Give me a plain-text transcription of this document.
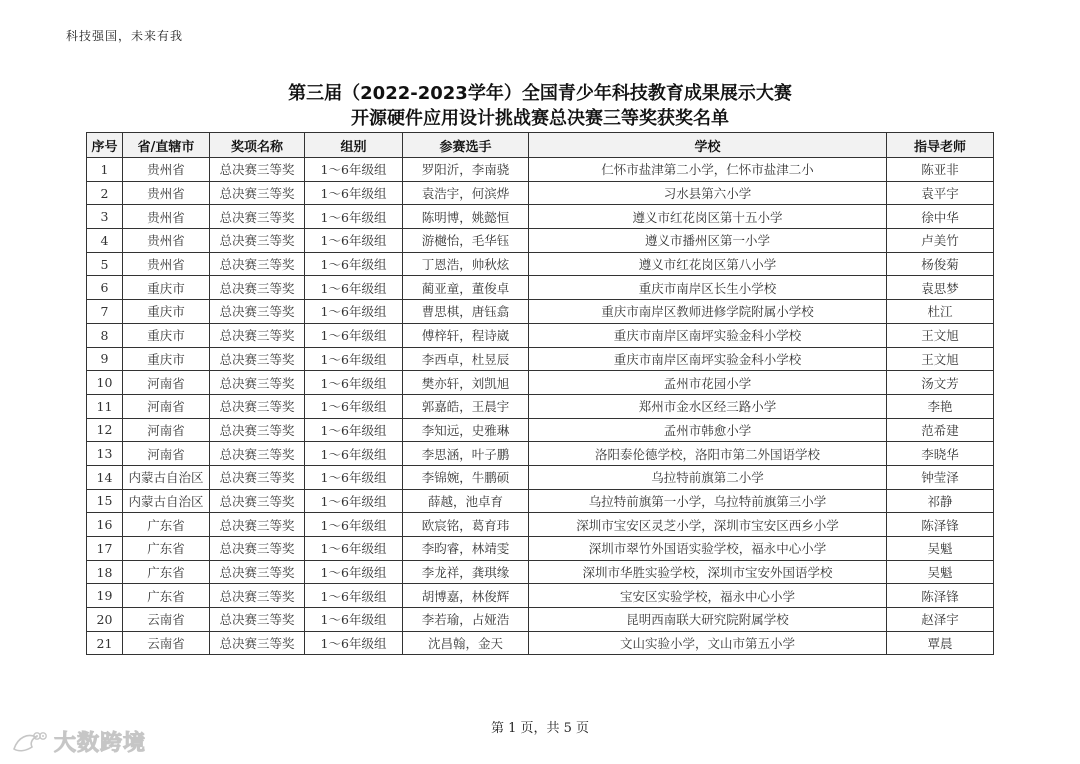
科技强国，未来有我
第三届（2022-2023学年）全国青少年科技教育成果展示大赛
开源硬件应用设计挑战赛总决赛三等奖获奖名单
序号	省/直辖市	奖项名称	组别	参赛选手	学校	指导老师
1	贵州省	总决赛三等奖	1～6年级组	罗阳沂，李南骁	仁怀市盐津第二小学，仁怀市盐津二小	陈亚非
2	贵州省	总决赛三等奖	1～6年级组	袁浩宇，何滨烨	习水县第六小学	袁平宇
3	贵州省	总决赛三等奖	1～6年级组	陈明博，姚懿恒	遵义市红花岗区第十五小学	徐中华
4	贵州省	总决赛三等奖	1～6年级组	游樾怡，毛华钰	遵义市播州区第一小学	卢美竹
5	贵州省	总决赛三等奖	1～6年级组	丁恩浩，帅秋炫	遵义市红花岗区第八小学	杨俊菊
6	重庆市	总决赛三等奖	1～6年级组	蔺亚童，董俊卓	重庆市南岸区长生小学校	袁思梦
7	重庆市	总决赛三等奖	1～6年级组	曹思棋，唐钰翕	重庆市南岸区教师进修学院附属小学校	杜江
8	重庆市	总决赛三等奖	1～6年级组	傅梓轩，程诗崴	重庆市南岸区南坪实验金科小学校	王文旭
9	重庆市	总决赛三等奖	1～6年级组	李西卓，杜昱辰	重庆市南岸区南坪实验金科小学校	王文旭
10	河南省	总决赛三等奖	1～6年级组	樊亦轩，刘凯旭	孟州市花园小学	汤文芳
11	河南省	总决赛三等奖	1～6年级组	郭嘉皓，王晨宇	郑州市金水区经三路小学	李艳
12	河南省	总决赛三等奖	1～6年级组	李知远，史雅琳	孟州市韩愈小学	范希建
13	河南省	总决赛三等奖	1～6年级组	李思涵，叶子鹏	洛阳泰伦德学校，洛阳市第二外国语学校	李晓华
14	内蒙古自治区	总决赛三等奖	1～6年级组	李锦婉，牛鹏硕	乌拉特前旗第二小学	钟莹泽
15	内蒙古自治区	总决赛三等奖	1～6年级组	薛越，池卓育	乌拉特前旗第一小学，乌拉特前旗第三小学	祁静
16	广东省	总决赛三等奖	1～6年级组	欧宸铭，葛育玮	深圳市宝安区灵芝小学，深圳市宝安区西乡小学	陈泽锋
17	广东省	总决赛三等奖	1～6年级组	李昀睿，林靖雯	深圳市翠竹外国语实验学校，福永中心小学	吴魁
18	广东省	总决赛三等奖	1～6年级组	李龙祥，龚琪缘	深圳市华胜实验学校，深圳市宝安外国语学校	吴魁
19	广东省	总决赛三等奖	1～6年级组	胡博嘉，林俊辉	宝安区实验学校，福永中心小学	陈泽锋
20	云南省	总决赛三等奖	1～6年级组	李若瑜，占娅浩	昆明西南联大研究院附属学校	赵泽宇
21	云南省	总决赛三等奖	1～6年级组	沈昌翰，金天	文山实验小学，文山市第五小学	覃晨
第 1 页，共 5 页
大数跨境
